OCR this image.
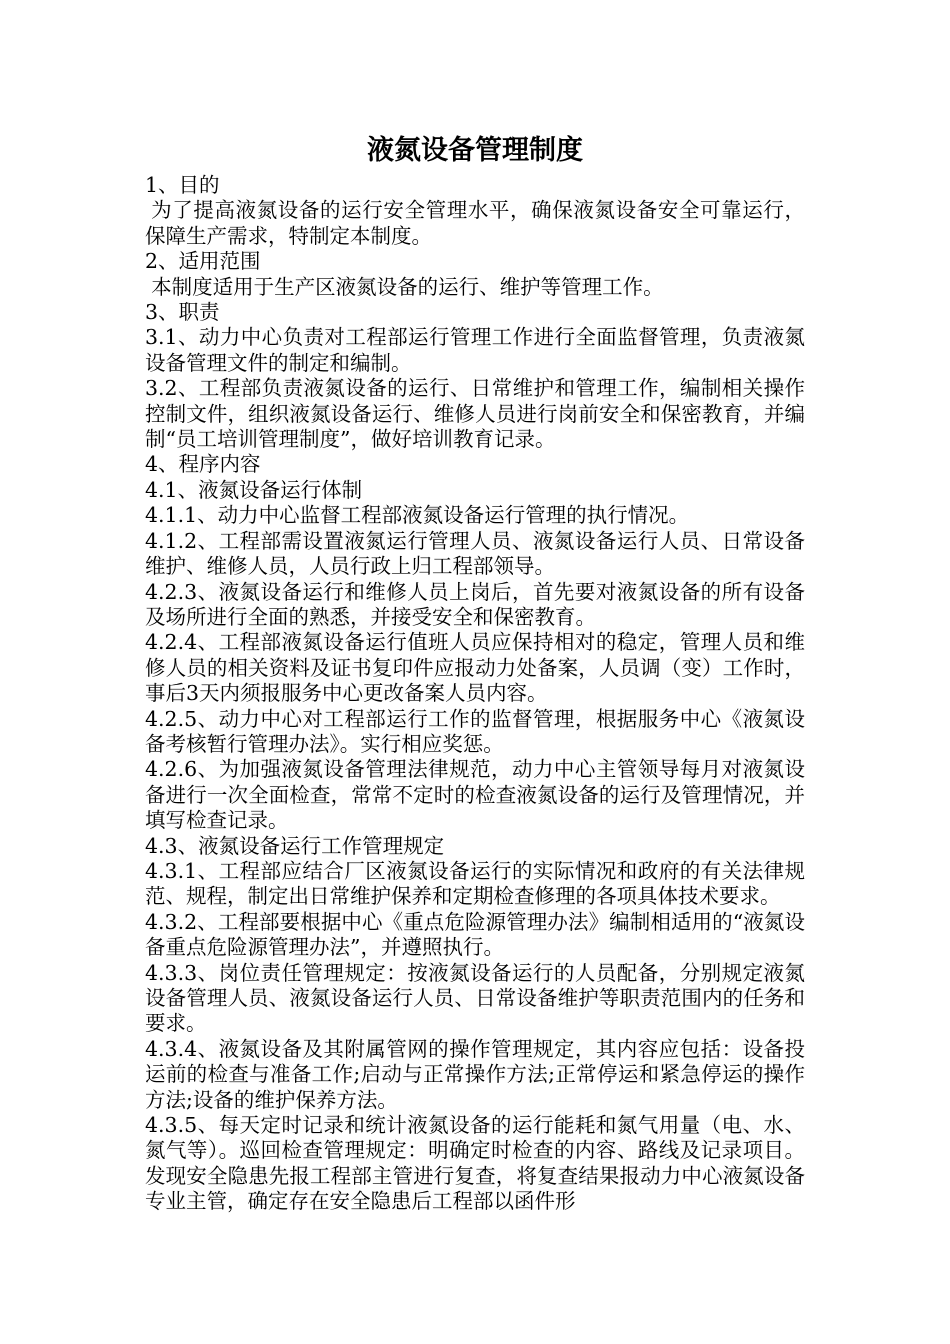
液氮设备管理制度

1、目的

为了提高液氮设备的运行安全管理水平，确保液氮设备安全可靠运行，保障生产需求，特制定本制度。

2、适用范围

本制度适用于生产区液氮设备的运行、维护等管理工作。

3、职责

3.1、动力中心负责对工程部运行管理工作进行全面监督管理，负责液氮设备管理文件的制定和编制。

3.2、工程部负责液氮设备的运行、日常维护和管理工作，编制相关操作控制文件，组织液氮设备运行、维修人员进行岗前安全和保密教育，并编制“员工培训管理制度”，做好培训教育记录。

4、程序内容

4.1、液氮设备运行体制

4.1.1、动力中心监督工程部液氮设备运行管理的执行情况。

4.1.2、工程部需设置液氮运行管理人员、液氮设备运行人员、日常设备维护、维修人员，人员行政上归工程部领导。

4.2.3、液氮设备运行和维修人员上岗后，首先要对液氮设备的所有设备及场所进行全面的熟悉，并接受安全和保密教育。

4.2.4、工程部液氮设备运行值班人员应保持相对的稳定，管理人员和维修人员的相关资料及证书复印件应报动力处备案，人员调（变）工作时，事后3天内须报服务中心更改备案人员内容。

4.2.5、动力中心对工程部运行工作的监督管理，根据服务中心《液氮设备考核暂行管理办法》。实行相应奖惩。

4.2.6、为加强液氮设备管理法律规范，动力中心主管领导每月对液氮设备进行一次全面检查，常常不定时的检查液氮设备的运行及管理情况，并填写检查记录。

4.3、液氮设备运行工作管理规定

4.3.1、工程部应结合厂区液氮设备运行的实际情况和政府的有关法律规范、规程，制定出日常维护保养和定期检查修理的各项具体技术要求。

4.3.2、工程部要根据中心《重点危险源管理办法》编制相适用的“液氮设备重点危险源管理办法”，并遵照执行。

4.3.3、岗位责任管理规定：按液氮设备运行的人员配备，分别规定液氮设备管理人员、液氮设备运行人员、日常设备维护等职责范围内的任务和要求。

4.3.4、液氮设备及其附属管网的操作管理规定，其内容应包括：设备投运前的检查与准备工作;启动与正常操作方法;正常停运和紧急停运的操作方法;设备的维护保养方法。

4.3.5、每天定时记录和统计液氮设备的运行能耗和氮气用量（电、水、氮气等）。巡回检查管理规定：明确定时检查的内容、路线及记录项目。发现安全隐患先报工程部主管进行复查，将复查结果报动力中心液氮设备专业主管，确定存在安全隐患后工程部以函件形
